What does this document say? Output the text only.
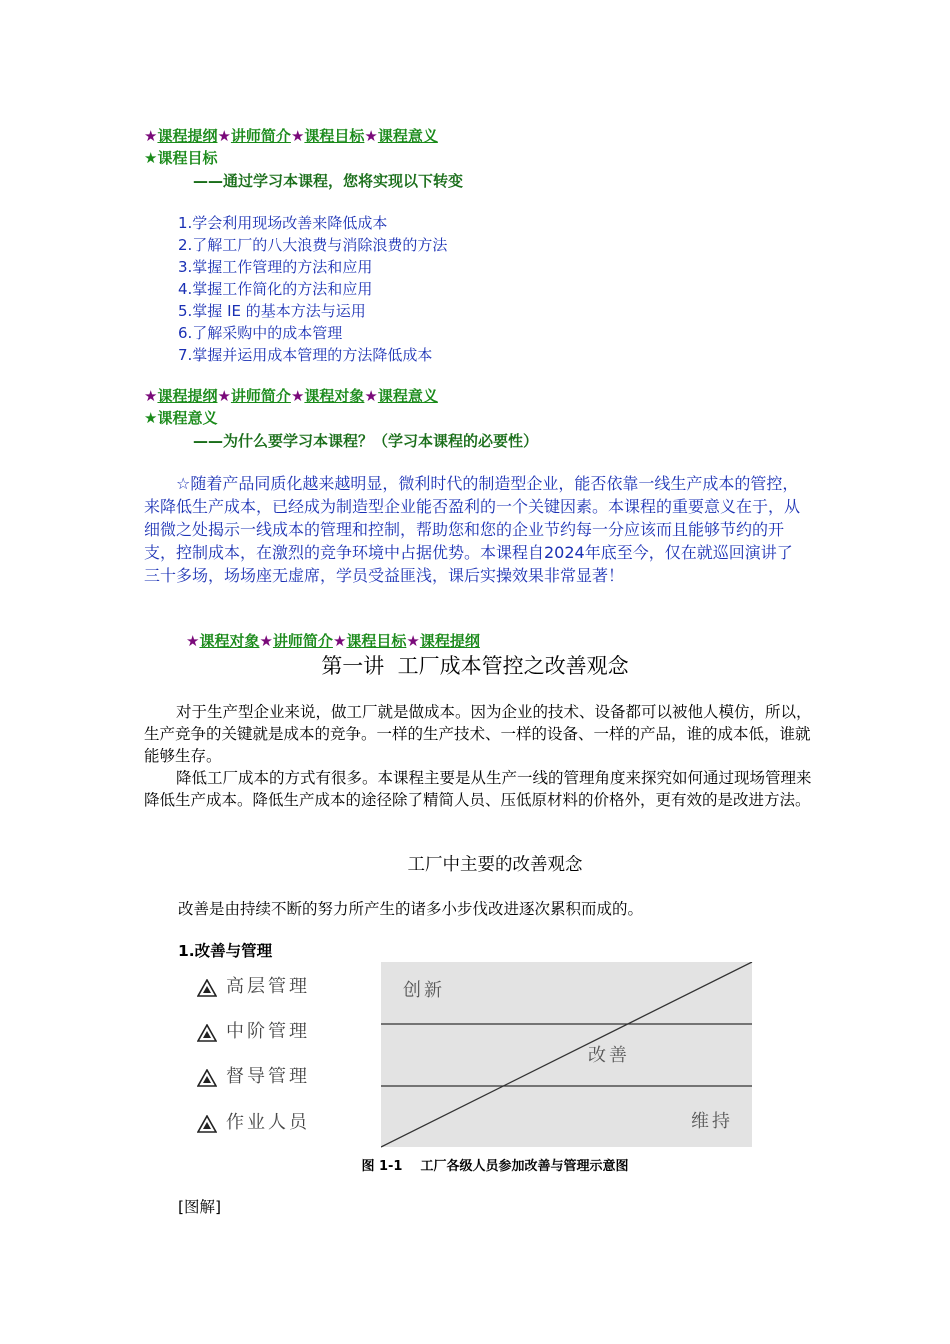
★课程提纲★讲师简介★课程目标★课程意义
★课程目标
——通过学习本课程，您将实现以下转变
1.学会利用现场改善来降低成本
2.了解工厂的八大浪费与消除浪费的方法
3.掌握工作管理的方法和应用
4.掌握工作简化的方法和应用
5.掌握 IE 的基本方法与运用
6.了解采购中的成本管理
7.掌握并运用成本管理的方法降低成本
★课程提纲★讲师简介★课程对象★课程意义
★课程意义
——为什么要学习本课程？（学习本课程的必要性）
☆随着产品同质化越来越明显，微利时代的制造型企业，能否依靠一线生产成本的管控，来降低生产成本，已经成为制造型企业能否盈利的一个关键因素。本课程的重要意义在于，从细微之处揭示一线成本的管理和控制，帮助您和您的企业节约每一分应该而且能够节约的开支，控制成本，在激烈的竞争环境中占据优势。本课程自2024年底至今，仅在就巡回演讲了三十多场，场场座无虚席，学员受益匪浅，课后实操效果非常显著！
★课程对象★讲师简介★课程目标★课程提纲
第一讲  工厂成本管控之改善观念
对于生产型企业来说，做工厂就是做成本。因为企业的技术、设备都可以被他人模仿，所以，生产竞争的关键就是成本的竞争。一样的生产技术、一样的设备、一样的产品，谁的成本低，谁就能够生存。
降低工厂成本的方式有很多。本课程主要是从生产一线的管理角度来探究如何通过现场管理来降低生产成本。降低生产成本的途径除了精简人员、压低原材料的价格外，更有效的是改进方法。
工厂中主要的改善观念
改善是由持续不断的努力所产生的诸多小步伐改进逐次累积而成的。
1.改善与管理
高层管理
中阶管理
督导管理
作业人员
创新
改善
维持
图 1-1    工厂各级人员参加改善与管理示意图
[图解]
